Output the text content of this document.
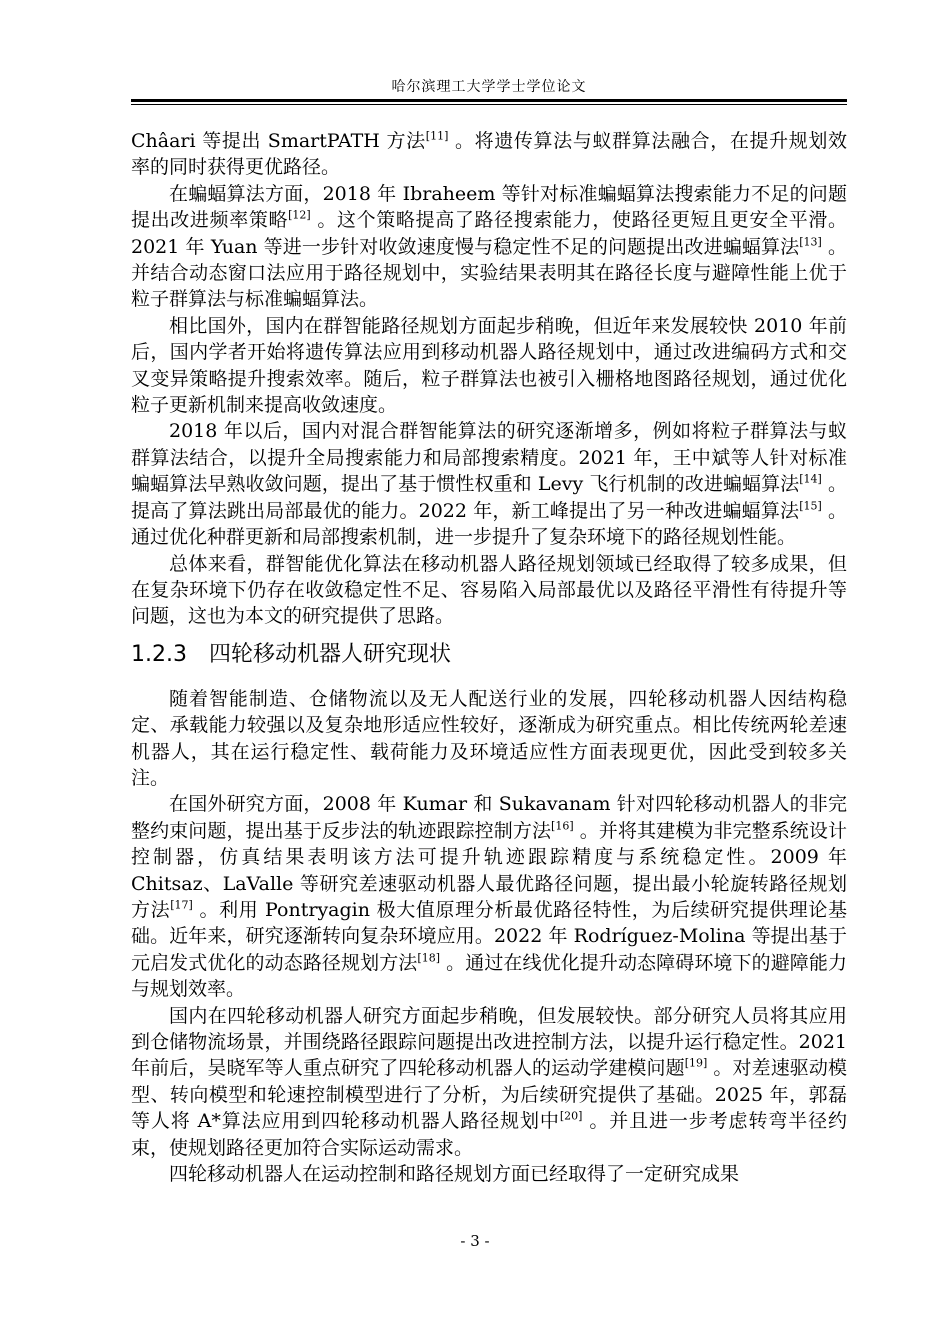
哈尔滨理工大学学士学位论文

Châari 等提出 SmartPATH 方法[11] 。将遗传算法与蚁群算法融合，在提升规划效率的同时获得更优路径。

在蝙蝠算法方面，2018 年 Ibraheem 等针对标准蝙蝠算法搜索能力不足的问题提出改进频率策略[12] 。这个策略提高了路径搜索能力，使路径更短且更安全平滑。2021 年 Yuan 等进一步针对收敛速度慢与稳定性不足的问题提出改进蝙蝠算法[13] 。并结合动态窗口法应用于路径规划中，实验结果表明其在路径长度与避障性能上优于粒子群算法与标准蝙蝠算法。

相比国外，国内在群智能路径规划方面起步稍晚，但近年来发展较快 2010 年前后，国内学者开始将遗传算法应用到移动机器人路径规划中，通过改进编码方式和交叉变异策略提升搜索效率。随后，粒子群算法也被引入栅格地图路径规划，通过优化粒子更新机制来提高收敛速度。

2018 年以后，国内对混合群智能算法的研究逐渐增多，例如将粒子群算法与蚁群算法结合，以提升全局搜索能力和局部搜索精度。2021 年，王中斌等人针对标准蝙蝠算法早熟收敛问题，提出了基于惯性权重和 Levy 飞行机制的改进蝙蝠算法[14] 。提高了算法跳出局部最优的能力。2022 年，新工峰提出了另一种改进蝙蝠算法[15] 。通过优化种群更新和局部搜索机制，进一步提升了复杂环境下的路径规划性能。

总体来看，群智能优化算法在移动机器人路径规划领域已经取得了较多成果，但在复杂环境下仍存在收敛稳定性不足、容易陷入局部最优以及路径平滑性有待提升等问题，这也为本文的研究提供了思路。

1.2.3 四轮移动机器人研究现状

随着智能制造、仓储物流以及无人配送行业的发展，四轮移动机器人因结构稳定、承载能力较强以及复杂地形适应性较好，逐渐成为研究重点。相比传统两轮差速机器人，其在运行稳定性、载荷能力及环境适应性方面表现更优，因此受到较多关注。

在国外研究方面，2008 年 Kumar 和 Sukavanam 针对四轮移动机器人的非完整约束问题，提出基于反步法的轨迹跟踪控制方法[16] 。并将其建模为非完整系统设计控制器，仿真结果表明该方法可提升轨迹跟踪精度与系统稳定性。2009 年 Chitsaz、LaValle 等研究差速驱动机器人最优路径问题，提出最小轮旋转路径规划方法[17] 。利用 Pontryagin 极大值原理分析最优路径特性，为后续研究提供理论基础。近年来，研究逐渐转向复杂环境应用。2022 年 Rodríguez-Molina 等提出基于元启发式优化的动态路径规划方法[18] 。通过在线优化提升动态障碍环境下的避障能力与规划效率。

国内在四轮移动机器人研究方面起步稍晚，但发展较快。部分研究人员将其应用到仓储物流场景，并围绕路径跟踪问题提出改进控制方法，以提升运行稳定性。2021 年前后，吴晓军等人重点研究了四轮移动机器人的运动学建模问题[19] 。对差速驱动模型、转向模型和轮速控制模型进行了分析，为后续研究提供了基础。2025 年，郭磊等人将 A*算法应用到四轮移动机器人路径规划中[20] 。并且进一步考虑转弯半径约束，使规划路径更加符合实际运动需求。

四轮移动机器人在运动控制和路径规划方面已经取得了一定研究成果

- 3 -
